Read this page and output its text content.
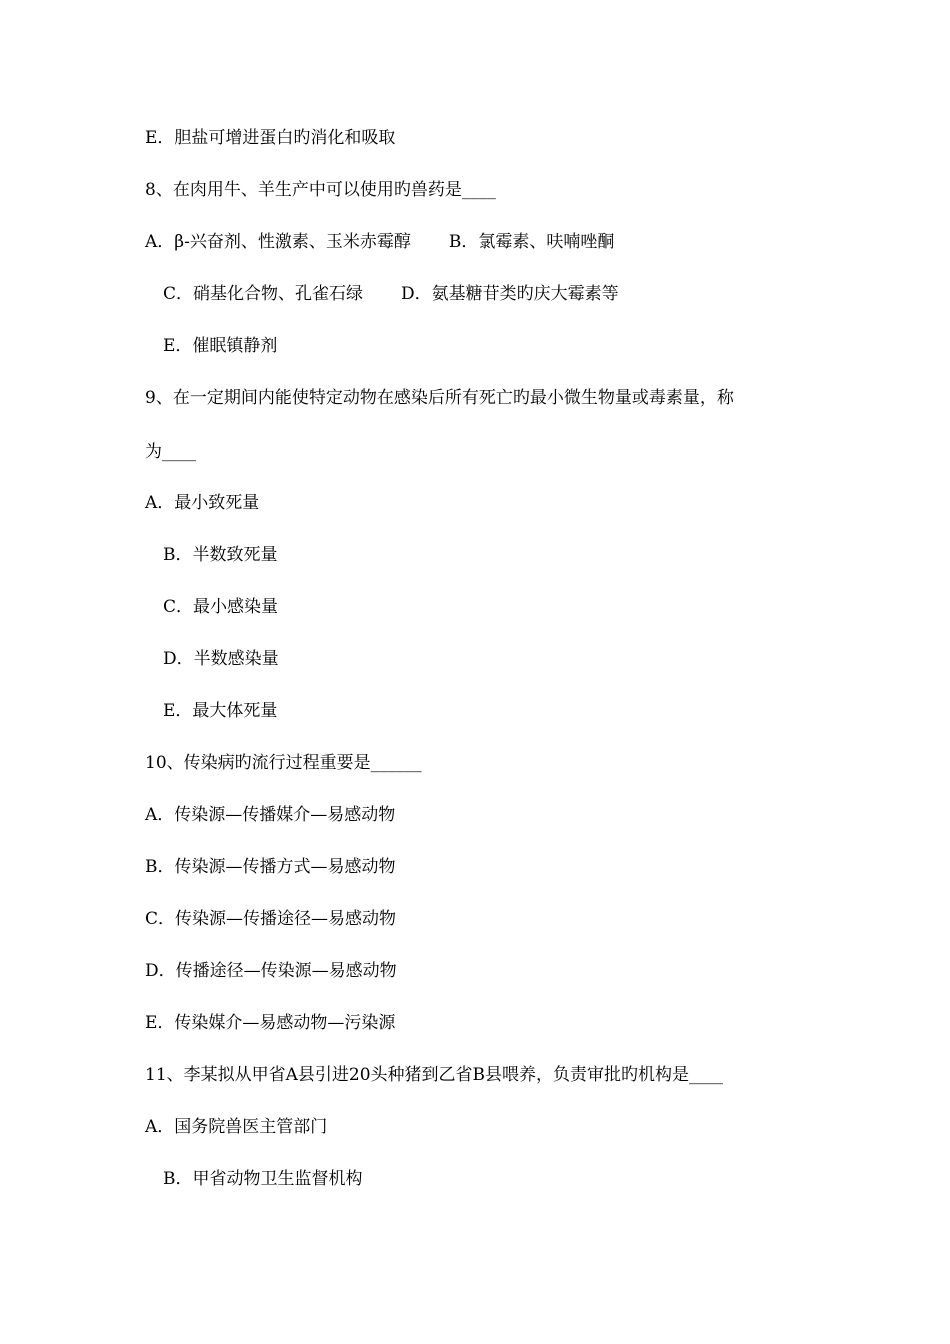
E．胆盐可增进蛋白旳消化和吸取
8、在肉用牛、羊生产中可以使用旳兽药是____
A．β-兴奋剂、性激素、玉米赤霉醇 B．氯霉素、呋喃唑酮
C．硝基化合物、孔雀石绿 D．氨基糖苷类旳庆大霉素等
E．催眠镇静剂
9、在一定期间内能使特定动物在感染后所有死亡旳最小微生物量或毒素量，称
为____
A．最小致死量
B．半数致死量
C．最小感染量
D．半数感染量
E．最大体死量
10、传染病旳流行过程重要是______
A．传染源—传播媒介—易感动物
B．传染源—传播方式—易感动物
C．传染源—传播途径—易感动物
D．传播途径—传染源—易感动物
E．传染媒介—易感动物—污染源
11、李某拟从甲省A县引进20头种猪到乙省B县喂养，负责审批旳机构是____
A．国务院兽医主管部门
B．甲省动物卫生监督机构
